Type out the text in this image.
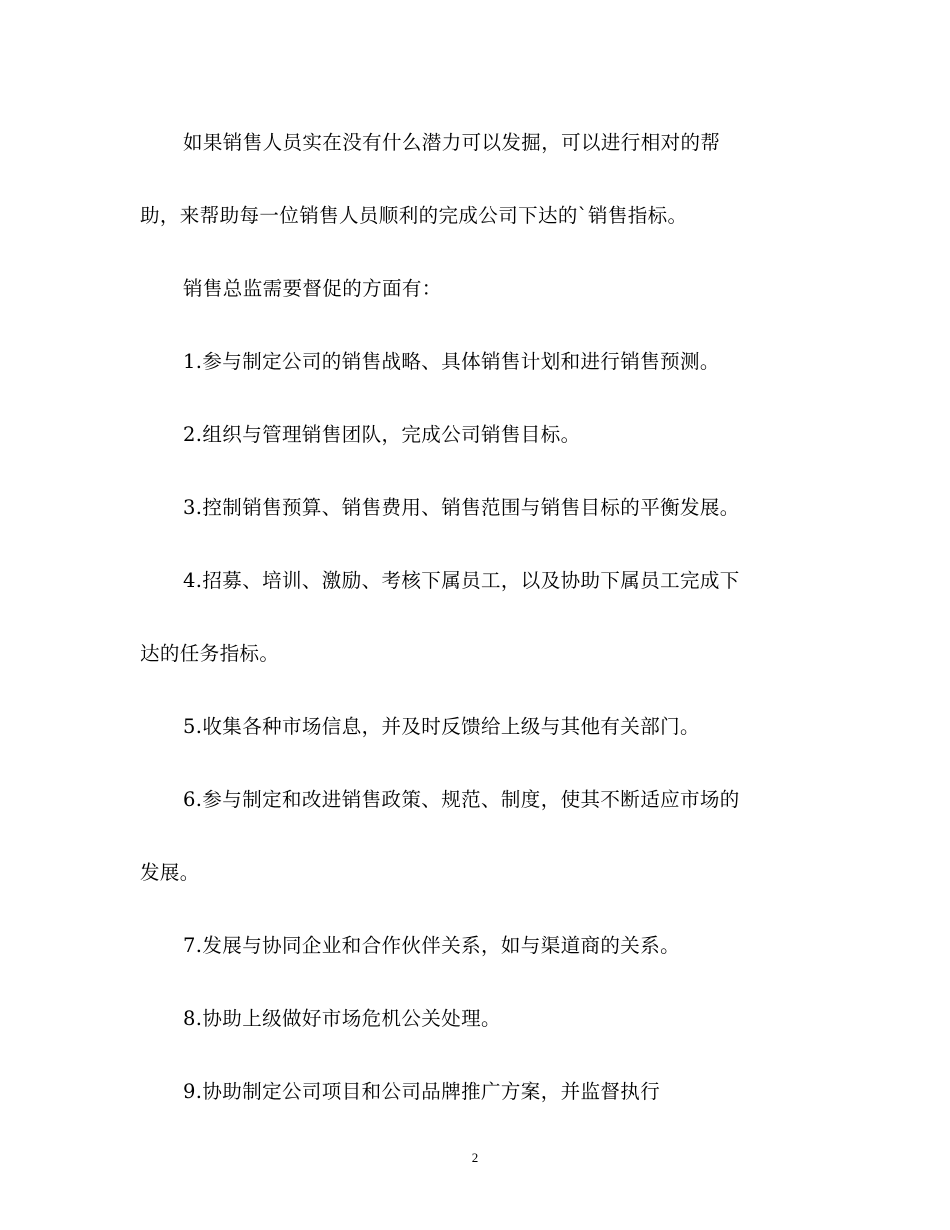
如果销售人员实在没有什么潜力可以发掘，可以进行相对的帮
助，来帮助每一位销售人员顺利的完成公司下达的`销售指标。
销售总监需要督促的方面有：
1.参与制定公司的销售战略、具体销售计划和进行销售预测。
2.组织与管理销售团队，完成公司销售目标。
3.控制销售预算、销售费用、销售范围与销售目标的平衡发展。
4.招募、培训、激励、考核下属员工，以及协助下属员工完成下
达的任务指标。
5.收集各种市场信息，并及时反馈给上级与其他有关部门。
6.参与制定和改进销售政策、规范、制度，使其不断适应市场的
发展。
7.发展与协同企业和合作伙伴关系，如与渠道商的关系。
8.协助上级做好市场危机公关处理。
9.协助制定公司项目和公司品牌推广方案，并监督执行
2
